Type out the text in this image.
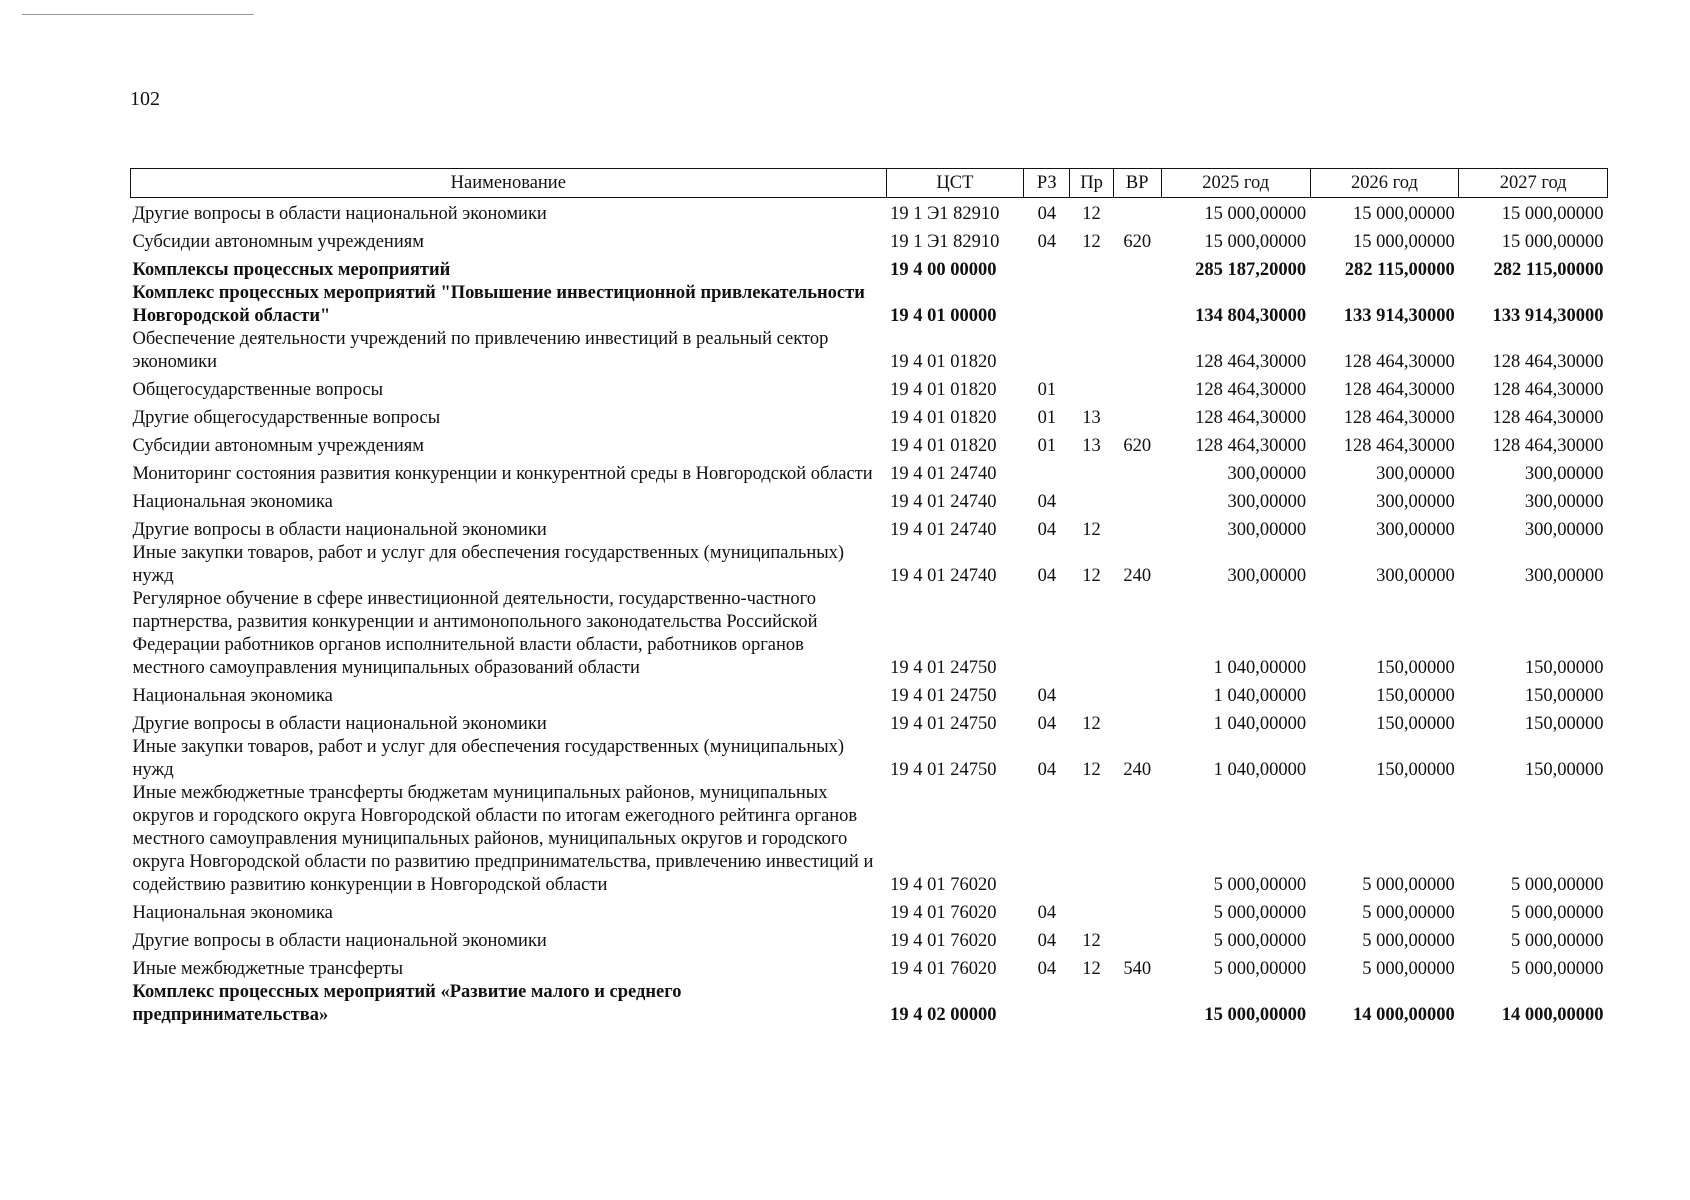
102
Наименование	ЦСТ	РЗ	Пр	ВР	2025 год	2026 год	2027 год
Другие вопросы в области национальной экономики	19 1 Э1 82910	04	12		15 000,00000	15 000,00000	15 000,00000
Субсидии автономным учреждениям	19 1 Э1 82910	04	12	620	15 000,00000	15 000,00000	15 000,00000
Комплексы процессных мероприятий	19 4 00 00000				285 187,20000	282 115,00000	282 115,00000
Комплекс процессных мероприятий "Повышение инвестиционной привлекательности Новгородской области"	19 4 01 00000				134 804,30000	133 914,30000	133 914,30000
Обеспечение деятельности учреждений по привлечению инвестиций в реальный сектор экономики	19 4 01 01820				128 464,30000	128 464,30000	128 464,30000
Общегосударственные вопросы	19 4 01 01820	01			128 464,30000	128 464,30000	128 464,30000
Другие общегосударственные вопросы	19 4 01 01820	01	13		128 464,30000	128 464,30000	128 464,30000
Субсидии автономным учреждениям	19 4 01 01820	01	13	620	128 464,30000	128 464,30000	128 464,30000
Мониторинг состояния развития конкуренции и конкурентной среды в Новгородской области	19 4 01 24740				300,00000	300,00000	300,00000
Национальная экономика	19 4 01 24740	04			300,00000	300,00000	300,00000
Другие вопросы в области национальной экономики	19 4 01 24740	04	12		300,00000	300,00000	300,00000
Иные закупки товаров, работ и услуг для обеспечения государственных (муниципальных) нужд	19 4 01 24740	04	12	240	300,00000	300,00000	300,00000
Регулярное обучение в сфере инвестиционной деятельности, государственно-частного партнерства, развития конкуренции и антимонопольного законодательства Российской Федерации работников органов исполнительной власти области, работников органов местного самоуправления муниципальных образований области	19 4 01 24750				1 040,00000	150,00000	150,00000
Национальная экономика	19 4 01 24750	04			1 040,00000	150,00000	150,00000
Другие вопросы в области национальной экономики	19 4 01 24750	04	12		1 040,00000	150,00000	150,00000
Иные закупки товаров, работ и услуг для обеспечения государственных (муниципальных) нужд	19 4 01 24750	04	12	240	1 040,00000	150,00000	150,00000
Иные межбюджетные трансферты бюджетам муниципальных районов, муниципальных округов и городского округа Новгородской области по итогам ежегодного рейтинга органов местного самоуправления муниципальных районов, муниципальных округов и городского округа Новгородской области по развитию предпринимательства, привлечению инвестиций и содействию развитию конкуренции в Новгородской области	19 4 01 76020				5 000,00000	5 000,00000	5 000,00000
Национальная экономика	19 4 01 76020	04			5 000,00000	5 000,00000	5 000,00000
Другие вопросы в области национальной экономики	19 4 01 76020	04	12		5 000,00000	5 000,00000	5 000,00000
Иные межбюджетные трансферты	19 4 01 76020	04	12	540	5 000,00000	5 000,00000	5 000,00000
Комплекс процессных мероприятий «Развитие малого и среднего предпринимательства»	19 4 02 00000				15 000,00000	14 000,00000	14 000,00000
